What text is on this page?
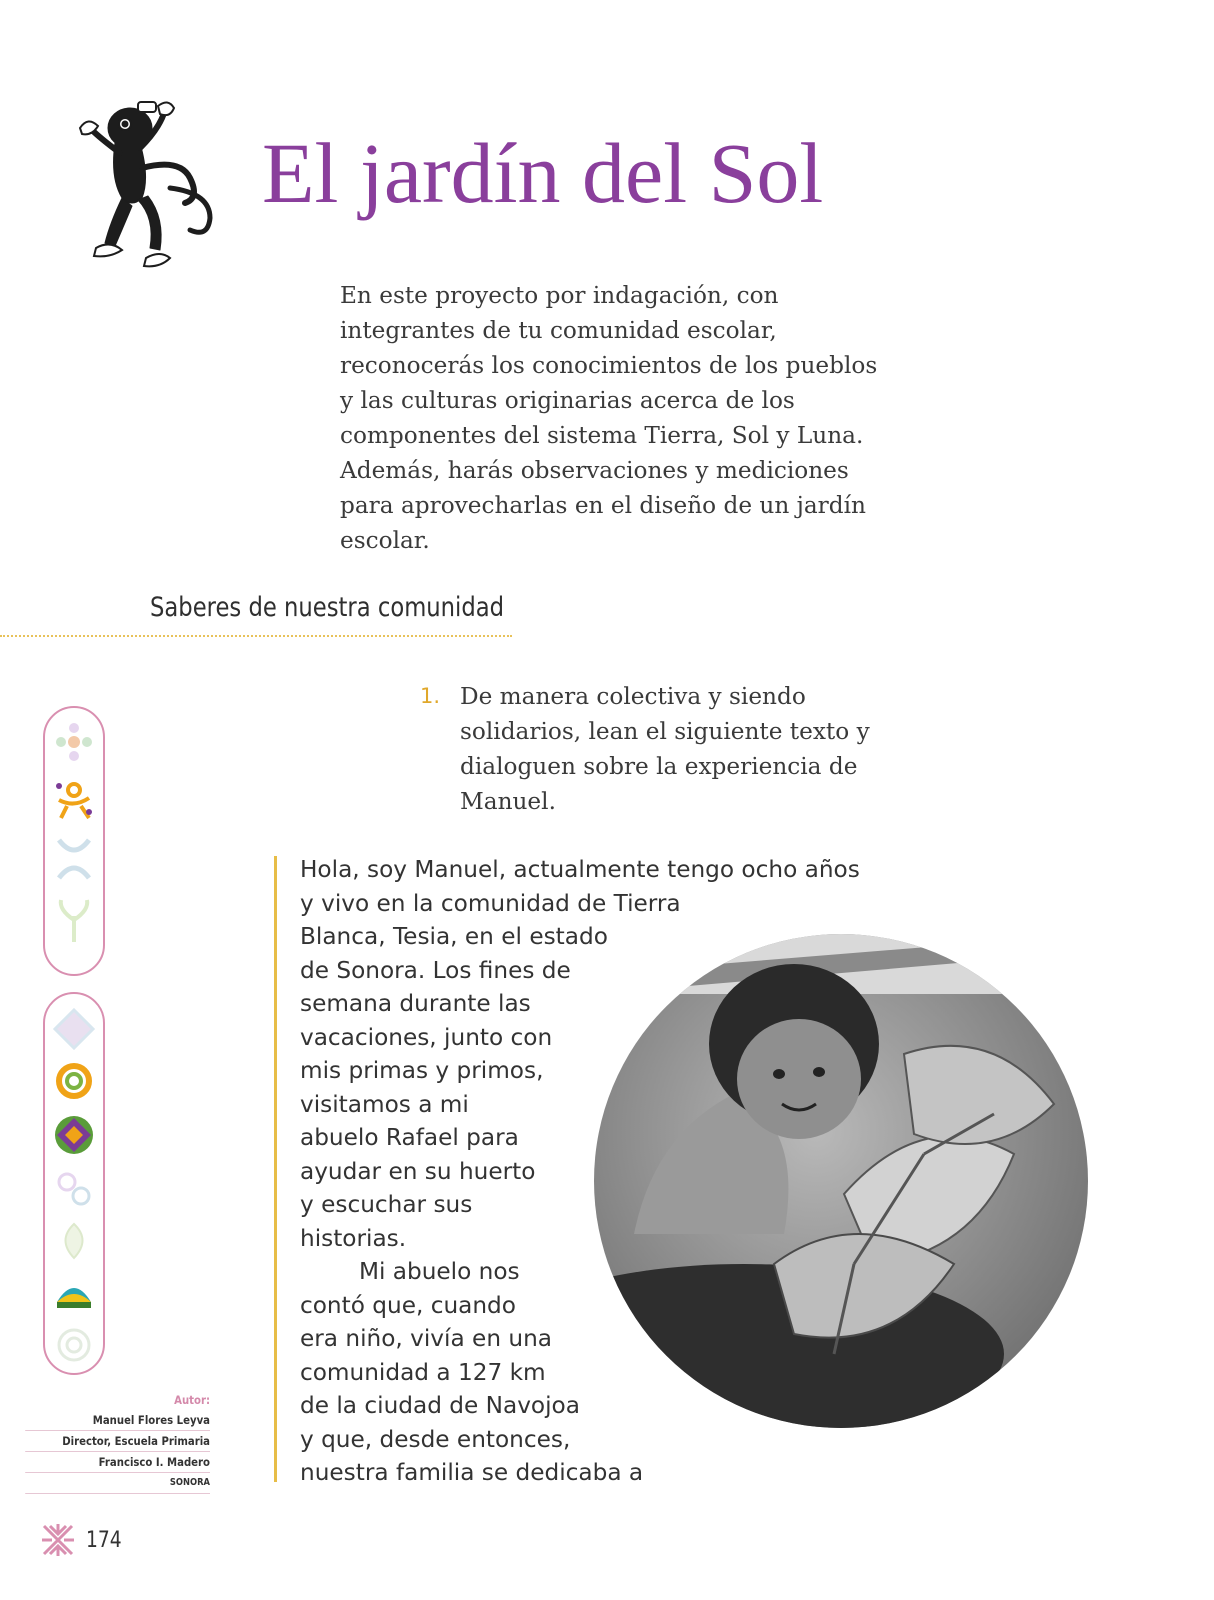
El jardín del Sol

En este proyecto por indagación, con integrantes de tu comunidad escolar, reconocerás los conocimientos de los pueblos y las culturas originarias acerca de los componentes del sistema Tierra, Sol y Luna. Además, harás observaciones y mediciones para aprovecharlas en el diseño de un jardín escolar.

Saberes de nuestra comunidad
1. De manera colectiva y siendo solidarios, lean el siguiente texto y dialoguen sobre la experiencia de Manuel.

Hola, soy Manuel, actualmente tengo ocho años
y vivo en la comunidad de Tierra
Blanca, Tesia, en el estado
de Sonora. Los fines de
semana durante las
vacaciones, junto con
mis primas y primos,
visitamos a mi
abuelo Rafael para
ayudar en su huerto
y escuchar sus
historias.
Mi abuelo nos
contó que, cuando
era niño, vivía en una
comunidad a 127 km
de la ciudad de Navojoa
y que, desde entonces,
nuestra familia se dedicaba a
Autor:
Manuel Flores Leyva
Director, Escuela Primaria
Francisco I. Madero
SONORA
174
